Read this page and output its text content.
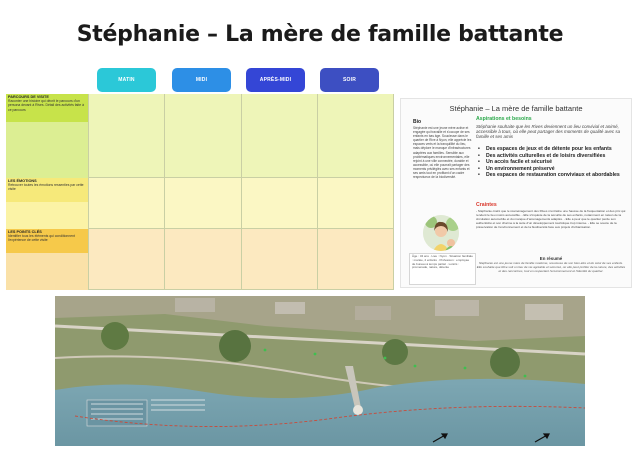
Stéphanie – La mère de famille battante
MATIN	MIDI	APRÈS-MIDI	SOIR
PARCOURS DE VISITE
Raconter une histoire qui décrit le parcours d'un persona devant à Rives. Détail des activités faite à ce parcours
LES ÉMOTIONS
Retrouver toutes les émotions ressenties par cette visite
LES POINTS CLÉS
Identifier tous les éléments qui conditionnent l'expérience de cette visite
Stéphanie – La mère de famille battante
Bio
Stéphanie est une jeune mère active et engagée qui travaille et s'occupe de ses enfants en bas âge. Soucieuse dans le quartier de Rive à Nyon, elle apprécie les espaces verts et la tranquillité du lieu, mais déplore le manque d'infrastructures adaptées aux familles. Sensible aux problématiques environnementales, elle rejoint à une ville connectée, durable et accessible, où elle pourrait partager des moments privilégiés avec ses enfants et ses amis tout en profitant d'un cadre respectueux de la biodiversité.
Âge : 34 ans · Lieu : Nyon · Situation familiale : mariée, 2 enfants · Profession : employée de bureau à temps partiel · Loisirs : promenade, nature, détente
Aspirations et besoins
Stéphanie souhaite que les Rives deviennent un lieu convivial et animé, accessible à tous, où elle peut partager des moments de qualité avec sa famille et ses amis
• Des espaces de jeux et de détente pour les enfants
• Des activités culturelles et de loisirs diversifiées
• Un accès facile et sécurisé
• Un environnement préservé
• Des espaces de restauration conviviaux et abordables
Craintes
- Stéphanie craint que le réaménagement des Rives n'entraîne une hausse de la fréquentation et des prix qui rendent le lieu moins accessible. - Elle s'inquiète de la sécurité de ses enfants, notamment en raison de la circulation automobile et du manque d'aménagements adaptés. - Elle a peur que le quartier perde son authenticité et son charme à la suite d'un développement touristique trop intense. - Elle se soucie de la préservation de l'environnement et de la biodiversité face aux projets d'urbanisation.
En résumé
Stéphanie est une jeune mère de famille moderne, soucieuse de son bien-être et de celui de ses enfants. Elle souhaite que Rive soit un lieu de vie agréable et sécurisé, où elle peut profiter de la nature, des activités et des rencontres, tout en respectant l'environnement et l'identité du quartier.
